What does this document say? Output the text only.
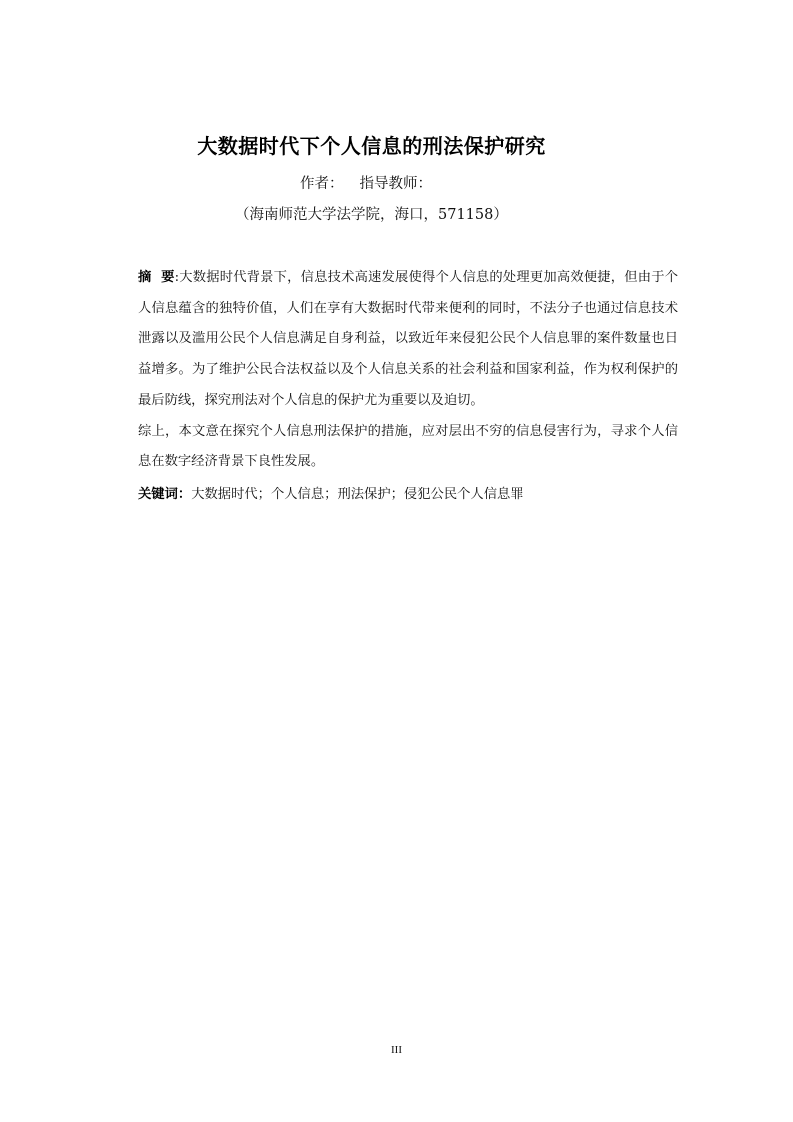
大数据时代下个人信息的刑法保护研究
作者： 指导教师：
（海南师范大学法学院，海口，571158）

摘  要:大数据时代背景下，信息技术高速发展使得个人信息的处理更加高效便捷，但由于个人信息蕴含的独特价值，人们在享有大数据时代带来便利的同时，不法分子也通过信息技术泄露以及滥用公民个人信息满足自身利益，以致近年来侵犯公民个人信息罪的案件数量也日益增多。为了维护公民合法权益以及个人信息关系的社会利益和国家利益，作为权利保护的最后防线，探究刑法对个人信息的保护尤为重要以及迫切。

综上，本文意在探究个人信息刑法保护的措施，应对层出不穷的信息侵害行为，寻求个人信息在数字经济背景下良性发展。

关键词：大数据时代；个人信息；刑法保护；侵犯公民个人信息罪
III
